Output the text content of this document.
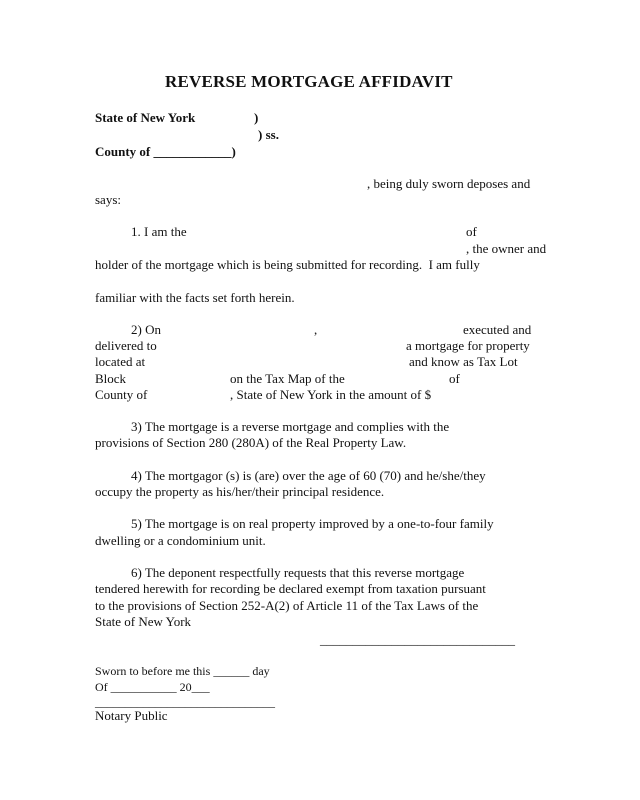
REVERSE MORTGAGE AFFIDAVIT
State of New York	)
) ss.
County of ____________)
, being duly sworn deposes and
says:
1. I am the	of
, the owner and
holder of the mortgage which is being submitted for recording.  I am fully
familiar with the facts set forth herein.
2) On	,	executed and
delivered to	a mortgage for property
located at	and know as Tax Lot
Block	on the Tax Map of the	of
County of	, State of New York in the amount of $
3) The mortgage is a reverse mortgage and complies with the
provisions of Section 280 (280A) of the Real Property Law.
4) The mortgagor (s) is (are) over the age of 60 (70) and he/she/they
occupy the property as his/her/their principal residence.
5) The mortgage is on real property improved by a one-to-four family
dwelling or a condominium unit.
6) The deponent respectfully requests that this reverse mortgage
tendered herewith for recording be declared exempt from taxation pursuant
to the provisions of Section 252-A(2) of Article 11 of the Tax Laws of the
State of New York
______________________________
Sworn to before me this ______ day
Of ___________ 20___
______________________________
Notary Public
